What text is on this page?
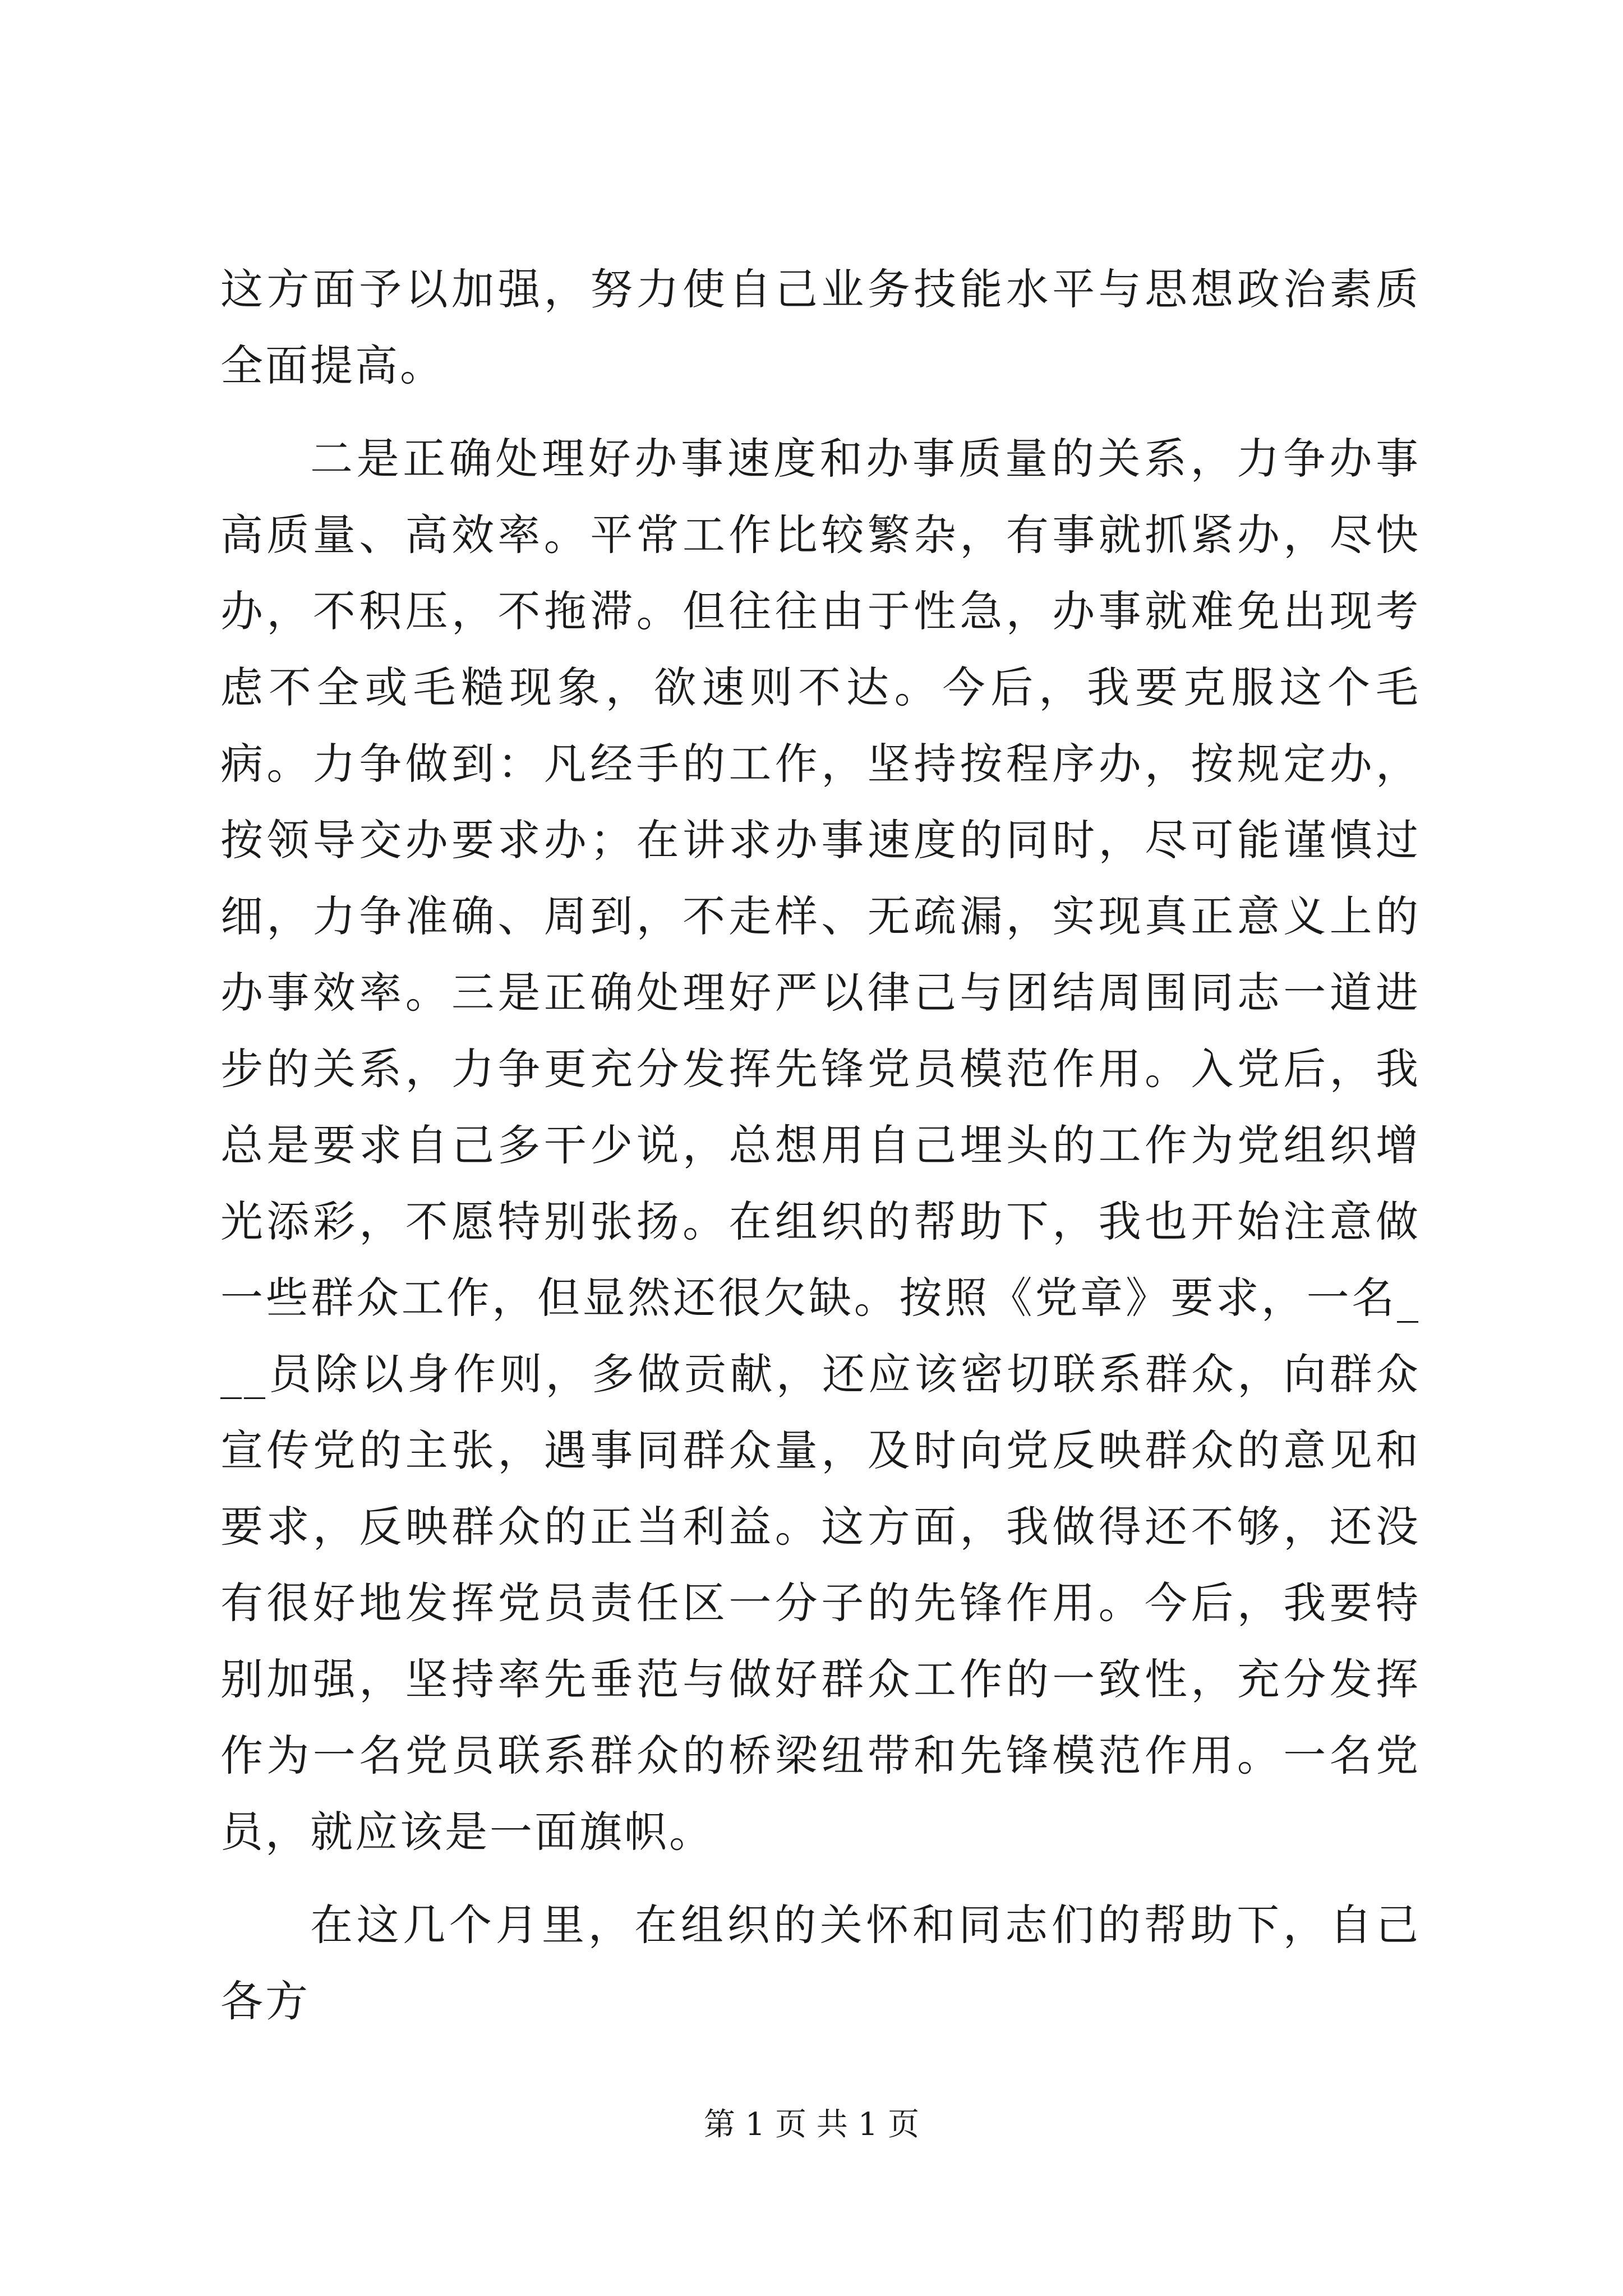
这方面予以加强，努力使自己业务技能水平与思想政治素质全面提高。

二是正确处理好办事速度和办事质量的关系，力争办事高质量、高效率。平常工作比较繁杂，有事就抓紧办，尽快办，不积压，不拖滞。但往往由于性急，办事就难免出现考虑不全或毛糙现象，欲速则不达。今后，我要克服这个毛病。力争做到：凡经手的工作，坚持按程序办，按规定办，按领导交办要求办；在讲求办事速度的同时，尽可能谨慎过细，力争准确、周到，不走样、无疏漏，实现真正意义上的办事效率。三是正确处理好严以律己与团结周围同志一道进步的关系，力争更充分发挥先锋党员模范作用。入党后，我总是要求自己多干少说，总想用自己埋头的工作为党组织增光添彩，不愿特别张扬。在组织的帮助下，我也开始注意做一些群众工作，但显然还很欠缺。按照《党章》要求，一名___员除以身作则，多做贡献，还应该密切联系群众，向群众宣传党的主张，遇事同群众量，及时向党反映群众的意见和要求，反映群众的正当利益。这方面，我做得还不够，还没有很好地发挥党员责任区一分子的先锋作用。今后，我要特别加强，坚持率先垂范与做好群众工作的一致性，充分发挥作为一名党员联系群众的桥梁纽带和先锋模范作用。一名党员，就应该是一面旗帜。

在这几个月里，在组织的关怀和同志们的帮助下，自己各方

第 1 页 共 1 页
